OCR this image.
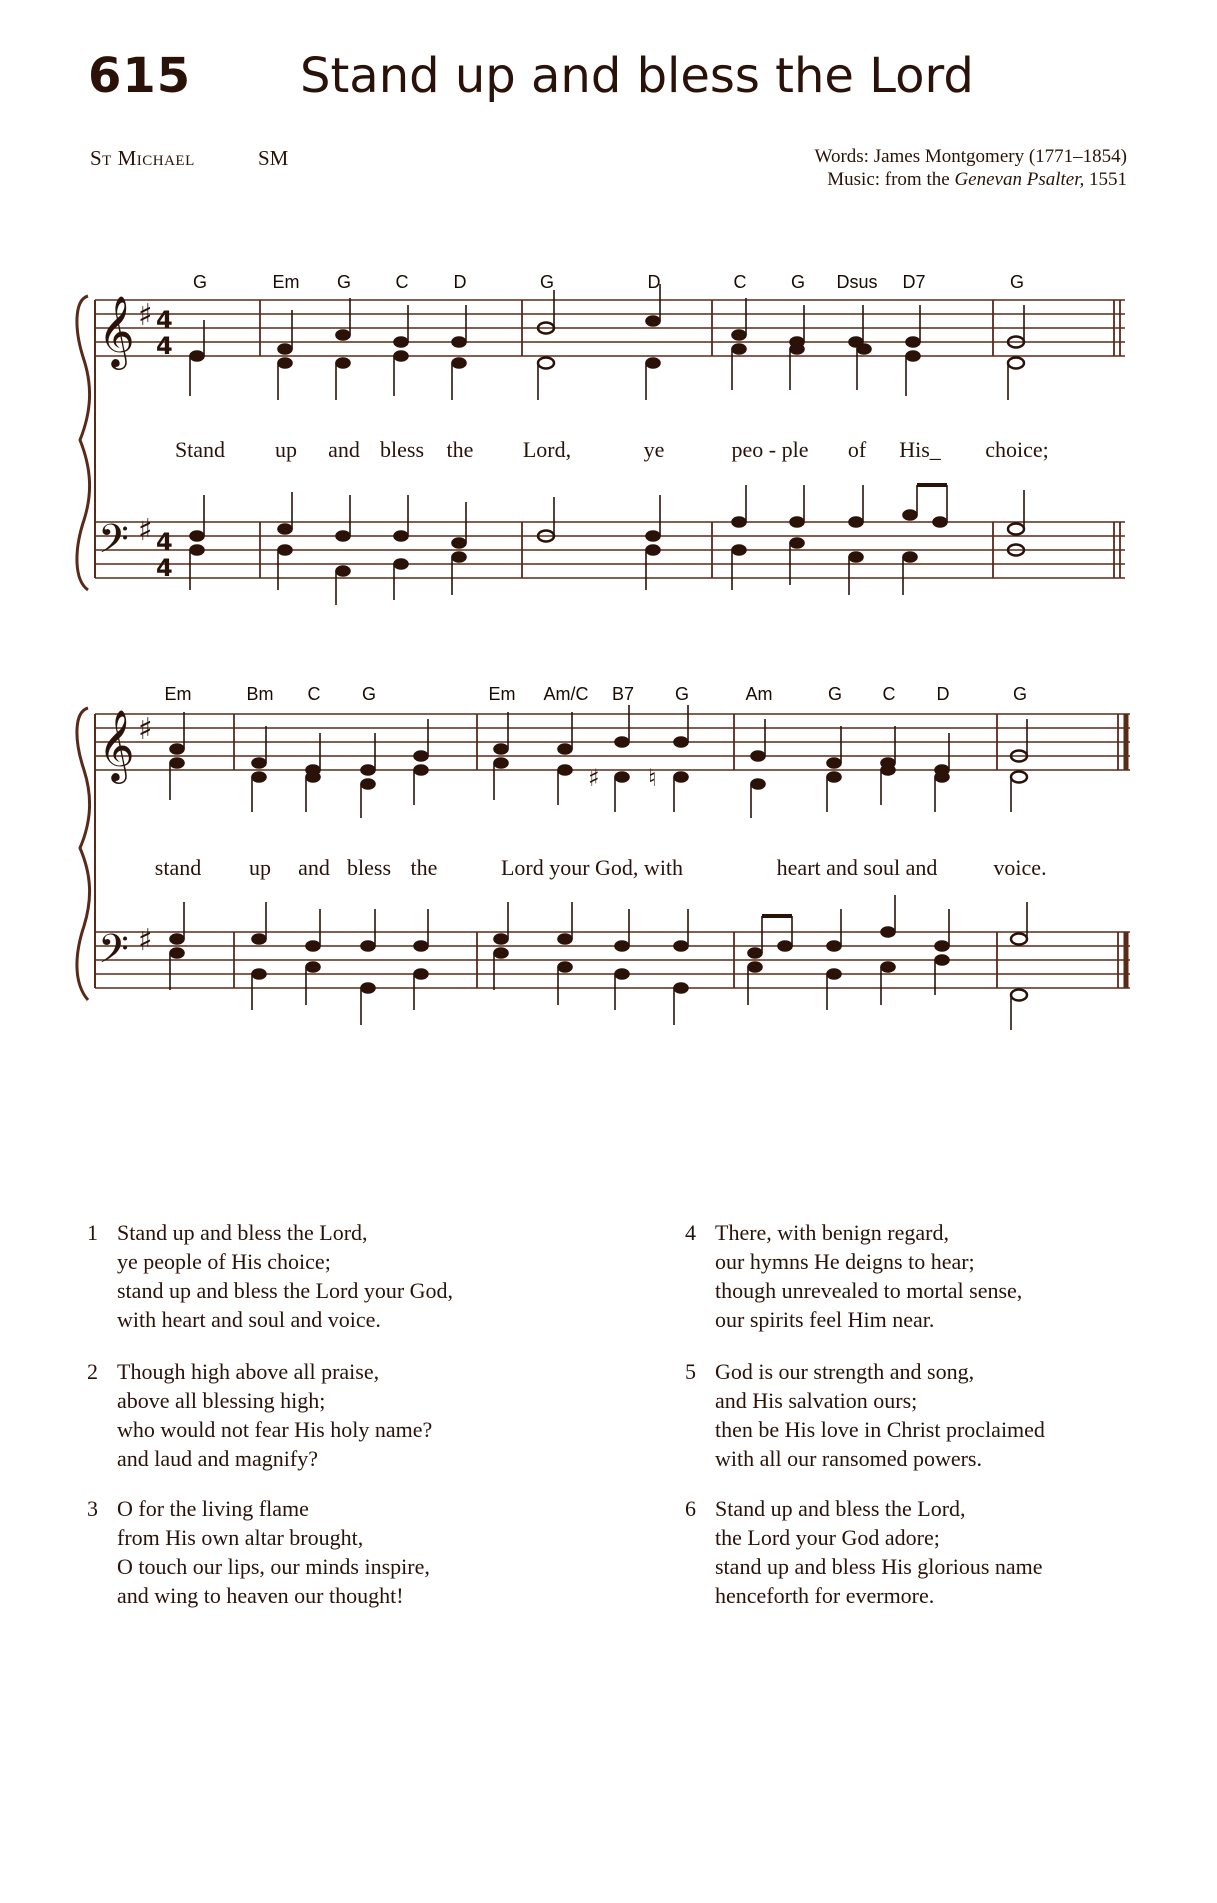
615 Stand up and bless the Lord
St Michael	SM	Words: James Montgomery (1771–1854)
Music: from the Genevan Psalter, 1551
G	Em G C	D	G	D	C G Dsus D7	G
𝄞
𝄢
♯
♯
4
4
4
4
Stand up and bless the Lord,	ye	peo - ple of His_ choice;
Em	Bm C G	Em Am/C B7 G	Am	G C D	G
𝄞
𝄢
♯
♯
♯ ♮
stand up and bless the	Lord your God, with	heart and soul and	voice.
1 Stand up and bless the Lord,
ye people of His choice;
stand up and bless the Lord your God,
with heart and soul and voice.
2 Though high above all praise,
above all blessing high;
who would not fear His holy name?
and laud and magnify?
3 O for the living flame
from His own altar brought,
O touch our lips, our minds inspire,
and wing to heaven our thought!
4 There, with benign regard,
our hymns He deigns to hear;
though unrevealed to mortal sense,
our spirits feel Him near.
5 God is our strength and song,
and His salvation ours;
then be His love in Christ proclaimed
with all our ransomed powers.
6 Stand up and bless the Lord,
the Lord your God adore;
stand up and bless His glorious name
henceforth for evermore.
